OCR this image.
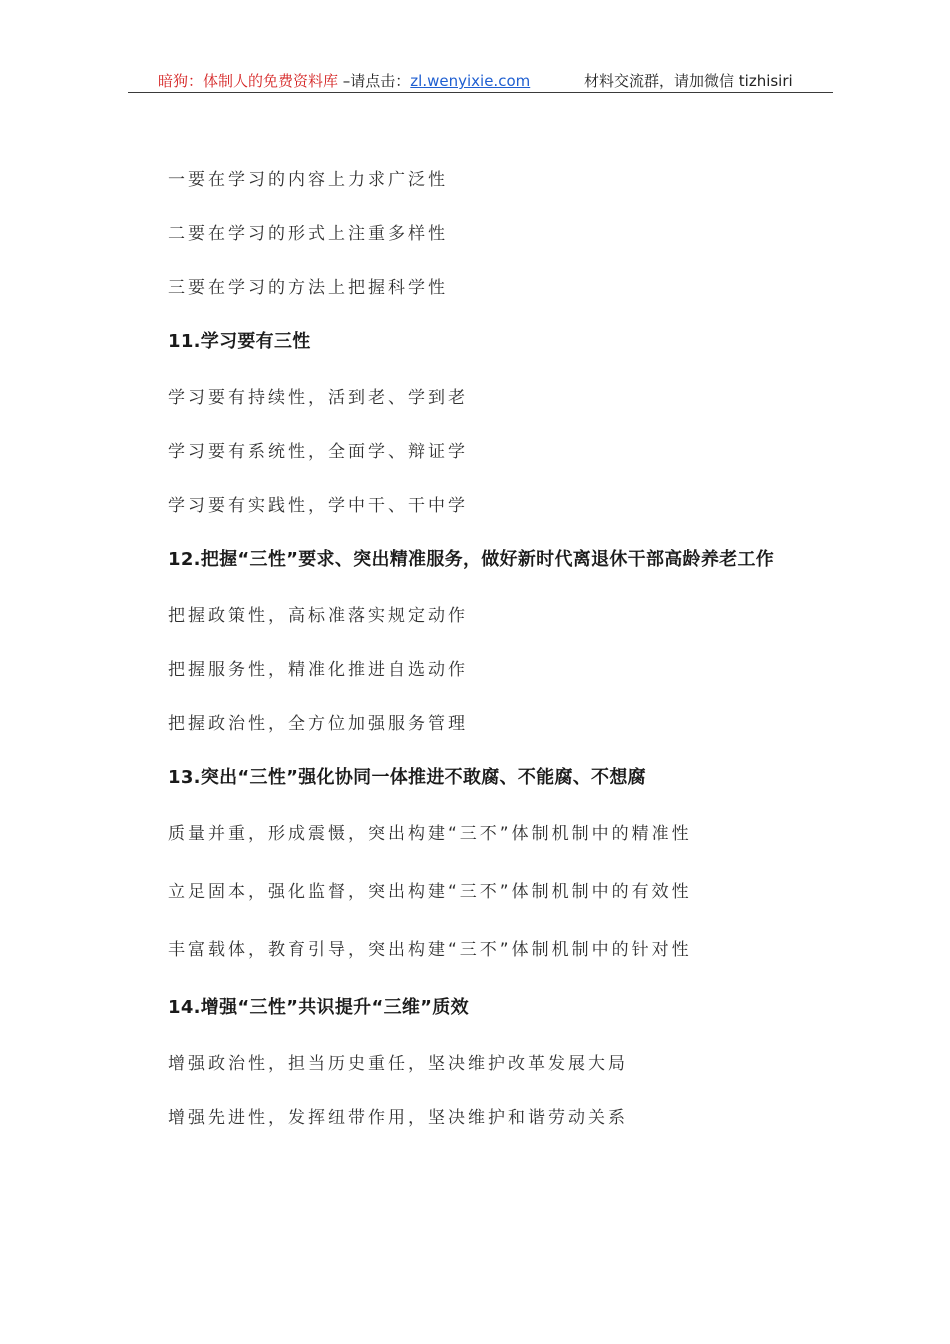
暗狗：体制人的免费资料库 –请点击：zl.wenyixie.com	材料交流群，请加微信 tizhisiri
一要在学习的内容上力求广泛性
二要在学习的形式上注重多样性
三要在学习的方法上把握科学性
11.学习要有三性
学习要有持续性，活到老、学到老
学习要有系统性，全面学、辩证学
学习要有实践性，学中干、干中学
12.把握“三性”要求、突出精准服务，做好新时代离退休干部高龄养老工作
把握政策性，高标准落实规定动作
把握服务性，精准化推进自选动作
把握政治性，全方位加强服务管理
13.突出“三性”强化协同一体推进不敢腐、不能腐、不想腐
质量并重，形成震慑，突出构建“三不”体制机制中的精准性
立足固本，强化监督，突出构建“三不”体制机制中的有效性
丰富载体，教育引导，突出构建“三不”体制机制中的针对性
14.增强“三性”共识提升“三维”质效
增强政治性，担当历史重任，坚决维护改革发展大局
增强先进性，发挥纽带作用，坚决维护和谐劳动关系
